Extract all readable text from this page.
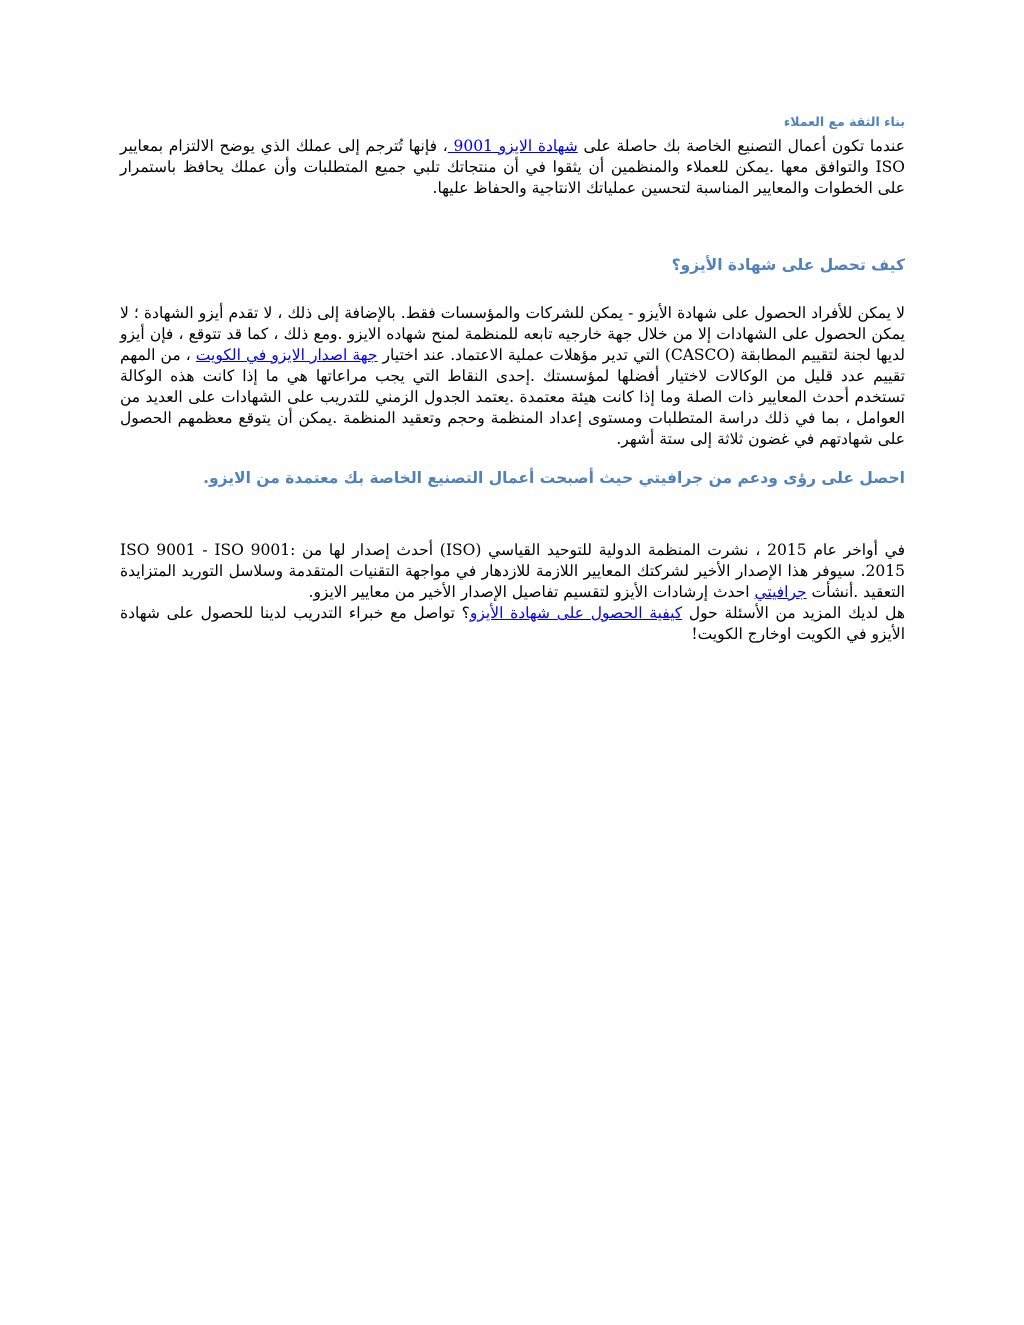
بناء الثقة مع العملاء

عندما تكون أعمال التصنيع الخاصة بك حاصلة على شهادة الايزو 9001 ، فإنها تُترجم إلى عملك الذي يوضح الالتزام بمعايير ISO والتوافق معها .يمكن للعملاء والمنظمين أن يثقوا في أن منتجاتك تلبي جميع المتطلبات وأن عملك يحافظ باستمرار على الخطوات والمعايير المناسبة لتحسين عملياتك الانتاجية والحفاظ عليها.

كيف تحصل على شهادة الأيزو؟

لا يمكن للأفراد الحصول على شهادة الأيزو - يمكن للشركات والمؤسسات فقط. بالإضافة إلى ذلك ، لا تقدم أيزو الشهادة ؛ لا يمكن الحصول على الشهادات إلا من خلال جهة خارجيه تابعه للمنظمة لمنح شهاده الايزو .ومع ذلك ، كما قد تتوقع ، فإن أيزو لديها لجنة لتقييم المطابقة (CASCO) التي تدير مؤهلات عملية الاعتماد. عند اختيار جهة اصدار الايزو في الكويت ، من المهم تقييم عدد قليل من الوكالات لاختيار أفضلها لمؤسستك .إحدى النقاط التي يجب مراعاتها هي ما إذا كانت هذه الوكالة تستخدم أحدث المعايير ذات الصلة وما إذا كانت هيئة معتمدة .يعتمد الجدول الزمني للتدريب على الشهادات على العديد من العوامل ، بما في ذلك دراسة المتطلبات ومستوى إعداد المنظمة وحجم وتعقيد المنظمة .يمكن أن يتوقع معظمهم الحصول على شهادتهم في غضون ثلاثة إلى ستة أشهر.

احصل على رؤى ودعم من جرافيتي حيث أصبحت أعمال التصنيع الخاصة بك معتمدة من الايزو.

في أواخر عام 2015 ، نشرت المنظمة الدولية للتوحيد القياسي (ISO) أحدث إصدار لها من :ISO 9001 - ISO 9001 2015. سيوفر هذا الإصدار الأخير لشركتك المعايير اللازمة للازدهار في مواجهة التقنيات المتقدمة وسلاسل التوريد المتزايدة التعقيد .أنشأت جرافيتي احدث إرشادات الأيزو لتقسيم تفاصيل الإصدار الأخير من معايير الايزو.

هل لديك المزيد من الأسئلة حول كيفية الحصول على شهادة الأيزو؟ تواصل مع خبراء التدريب لدينا للحصول على شهادة الأيزو في الكويت اوخارج الكويت!
